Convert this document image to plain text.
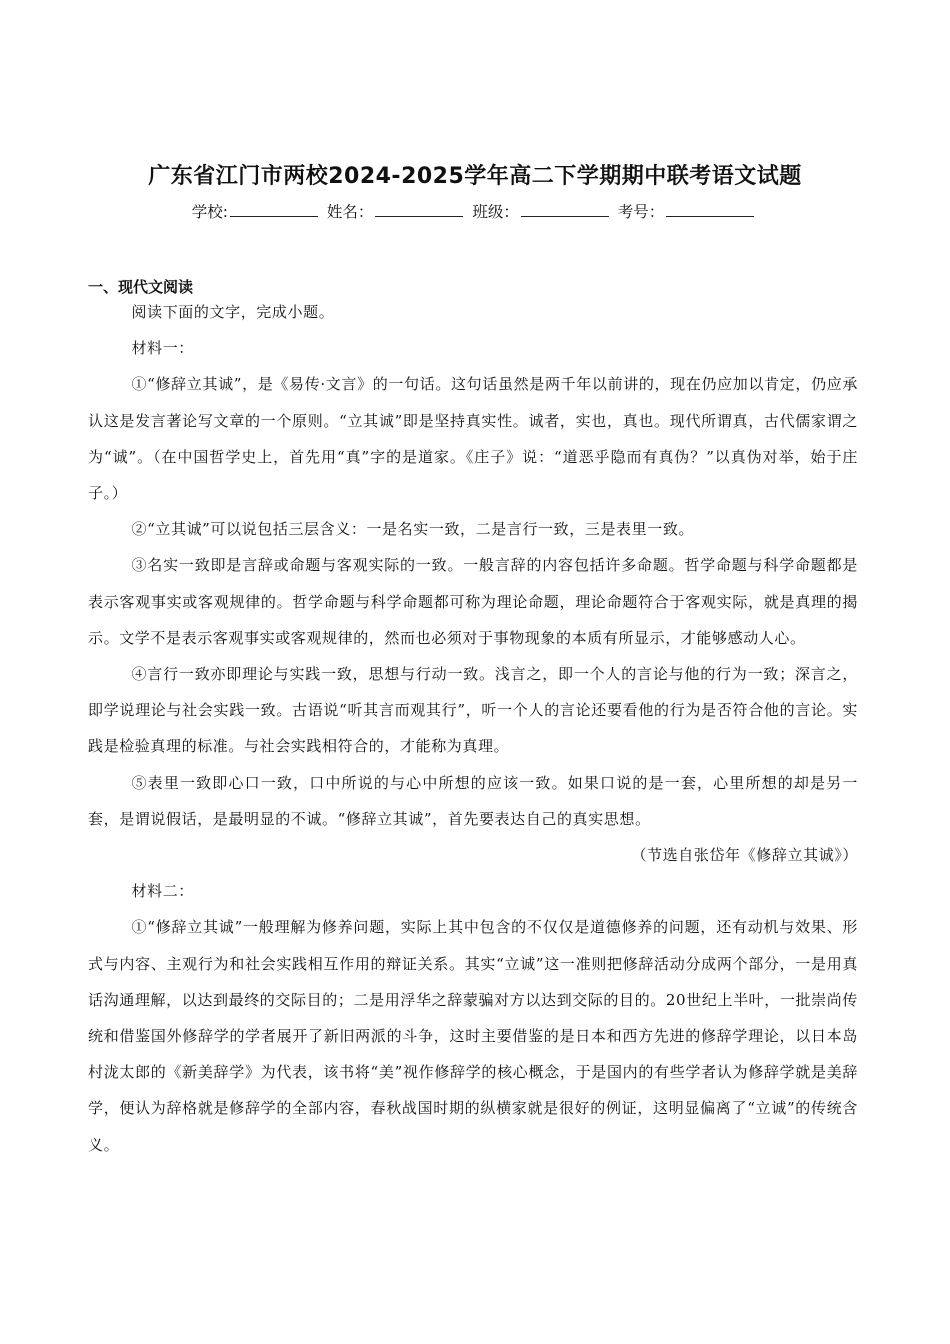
广东省江门市两校2024-2025学年高二下学期期中联考语文试题
学校:	姓名：	班级：	考号：
一、现代文阅读

阅读下面的文字，完成小题。

材料一：

①“修辞立其诚”，是《易传·文言》的一句话。这句话虽然是两千年以前讲的，现在仍应加以肯定，仍应承认这是发言著论写文章的一个原则。“立其诚”即是坚持真实性。诚者，实也，真也。现代所谓真，古代儒家谓之为“诚”。（在中国哲学史上，首先用“真”字的是道家。《庄子》说：“道恶乎隐而有真伪？”以真伪对举，始于庄子。）

②“立其诚”可以说包括三层含义：一是名实一致，二是言行一致，三是表里一致。

③名实一致即是言辞或命题与客观实际的一致。一般言辞的内容包括许多命题。哲学命题与科学命题都是表示客观事实或客观规律的。哲学命题与科学命题都可称为理论命题，理论命题符合于客观实际，就是真理的揭示。文学不是表示客观事实或客观规律的，然而也必须对于事物现象的本质有所显示，才能够感动人心。

④言行一致亦即理论与实践一致，思想与行动一致。浅言之，即一个人的言论与他的行为一致；深言之，即学说理论与社会实践一致。古语说“听其言而观其行”，听一个人的言论还要看他的行为是否符合他的言论。实践是检验真理的标准。与社会实践相符合的，才能称为真理。

⑤表里一致即心口一致，口中所说的与心中所想的应该一致。如果口说的是一套，心里所想的却是另一套，是谓说假话，是最明显的不诚。“修辞立其诚”，首先要表达自己的真实思想。

（节选自张岱年《修辞立其诚》）

材料二：

①“修辞立其诚”一般理解为修养问题，实际上其中包含的不仅仅是道德修养的问题，还有动机与效果、形式与内容、主观行为和社会实践相互作用的辩证关系。其实“立诚”这一准则把修辞活动分成两个部分，一是用真话沟通理解，以达到最终的交际目的；二是用浮华之辞蒙骗对方以达到交际的目的。20世纪上半叶，一批崇尚传统和借鉴国外修辞学的学者展开了新旧两派的斗争，这时主要借鉴的是日本和西方先进的修辞学理论，以日本岛村泷太郎的《新美辞学》为代表，该书将“美”视作修辞学的核心概念，于是国内的有些学者认为修辞学就是美辞学，便认为辞格就是修辞学的全部内容，春秋战国时期的纵横家就是很好的例证，这明显偏离了“立诚”的传统含义。
